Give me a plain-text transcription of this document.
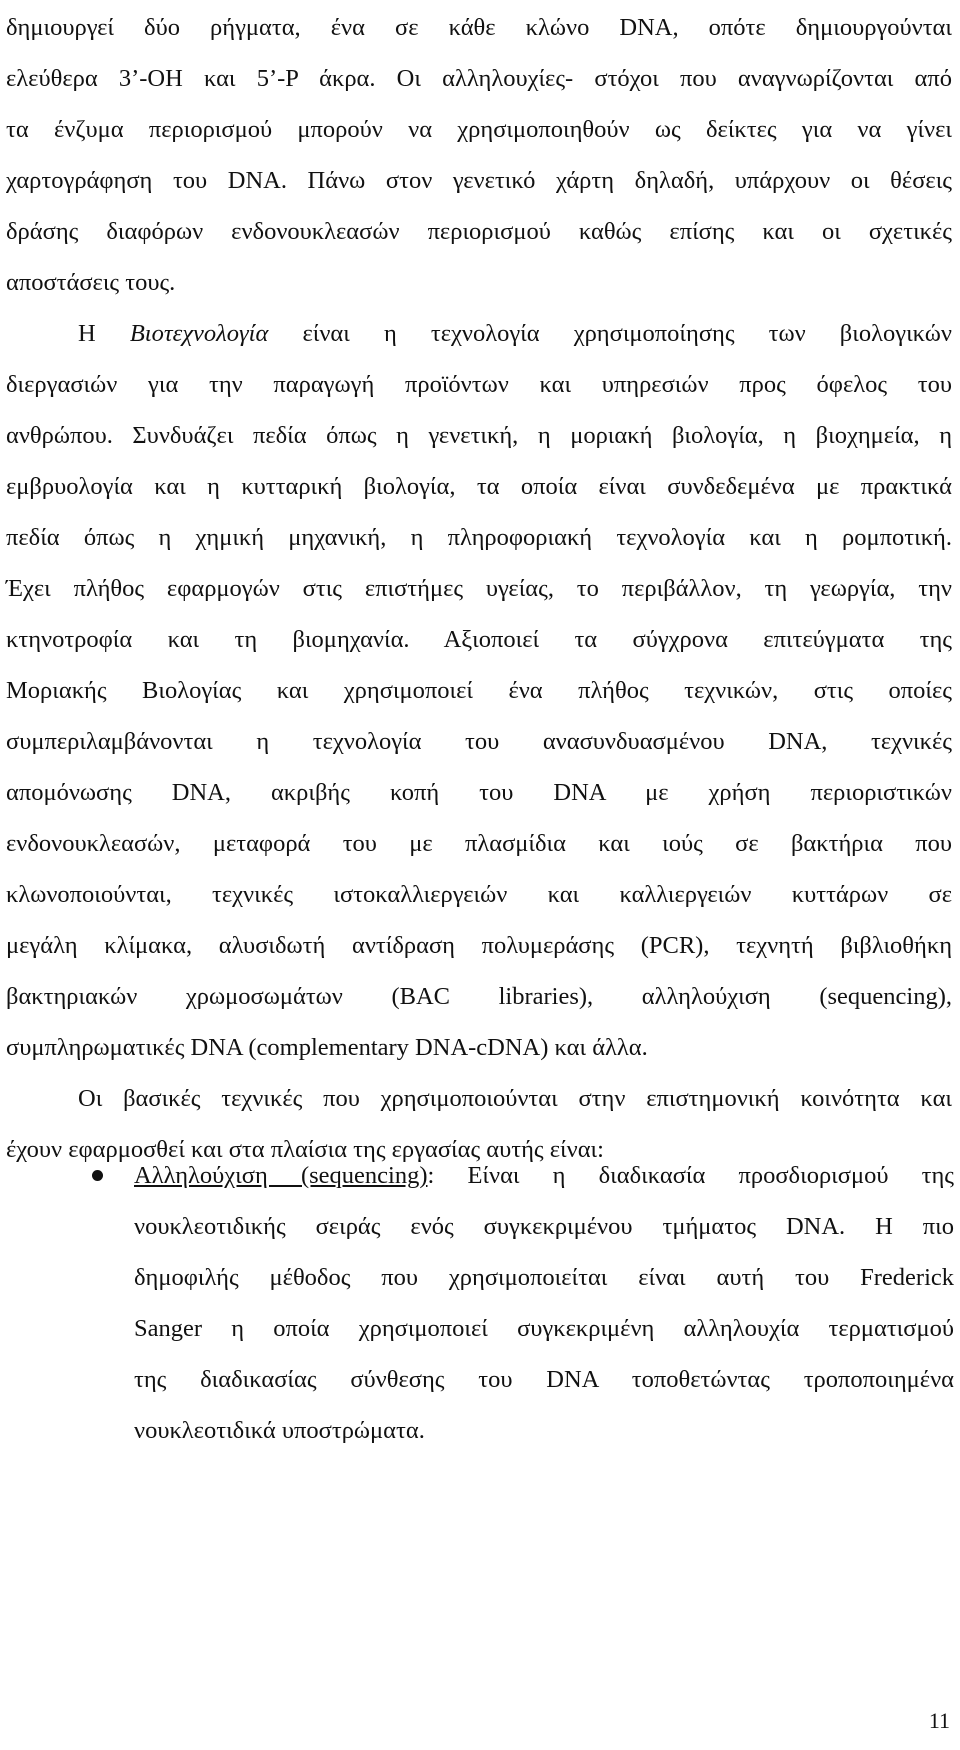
δημιουργεί δύο ρήγματα, ένα σε κάθε κλώνο DNA, οπότε δημιουργούνται
ελεύθερα 3’-OH και 5’-P άκρα. Οι αλληλουχίες- στόχοι που αναγνωρίζονται από
τα ένζυμα περιορισμού μπορούν να χρησιμοποιηθούν ως δείκτες για να γίνει
χαρτογράφηση του DNA. Πάνω στον γενετικό χάρτη δηλαδή, υπάρχουν οι θέσεις
δράσης διαφόρων ενδονουκλεασών περιορισμού καθώς επίσης και οι σχετικές
αποστάσεις τους.
Η Βιοτεχνολογία είναι η τεχνολογία χρησιμοποίησης των βιολογικών
διεργασιών για την παραγωγή προϊόντων και υπηρεσιών προς όφελος του
ανθρώπου. Συνδυάζει πεδία όπως η γενετική, η μοριακή βιολογία, η βιοχημεία, η
εμβρυολογία και η κυτταρική βιολογία, τα οποία είναι συνδεδεμένα με πρακτικά
πεδία όπως η χημική μηχανική, η πληροφοριακή τεχνολογία και η ρομποτική.
Έχει πλήθος εφαρμογών στις επιστήμες υγείας, το περιβάλλον, τη γεωργία, την
κτηνοτροφία και τη βιομηχανία. Αξιοποιεί τα σύγχρονα επιτεύγματα της
Μοριακής Βιολογίας και χρησιμοποιεί ένα πλήθος τεχνικών, στις οποίες
συμπεριλαμβάνονται η τεχνολογία του ανασυνδυασμένου DNA, τεχνικές
απομόνωσης DNA, ακριβής κοπή του DNA με χρήση περιοριστικών
ενδονουκλεασών, μεταφορά του με πλασμίδια και ιούς σε βακτήρια που
κλωνοποιούνται, τεχνικές ιστοκαλλιεργειών και καλλιεργειών κυττάρων σε
μεγάλη κλίμακα, αλυσιδωτή αντίδραση πολυμεράσης (PCR), τεχνητή βιβλιοθήκη
βακτηριακών χρωμοσωμάτων (BAC libraries), αλληλούχιση (sequencing),
συμπληρωματικές DNA (complementary DNA-cDNA) και άλλα.
Οι βασικές τεχνικές που χρησιμοποιούνται στην επιστημονική κοινότητα και
έχουν εφαρμοσθεί και στα πλαίσια της εργασίας αυτής είναι:
Αλληλούχιση (sequencing): Είναι η διαδικασία προσδιορισμού της
νουκλεοτιδικής σειράς ενός συγκεκριμένου τμήματος DNA. Η πιο
δημοφιλής μέθοδος που χρησιμοποιείται είναι αυτή του Frederick
Sanger η οποία χρησιμοποιεί συγκεκριμένη αλληλουχία τερματισμού
της διαδικασίας σύνθεσης του DNA τοποθετώντας τροποποιημένα
νουκλεοτιδικά υποστρώματα.
11
